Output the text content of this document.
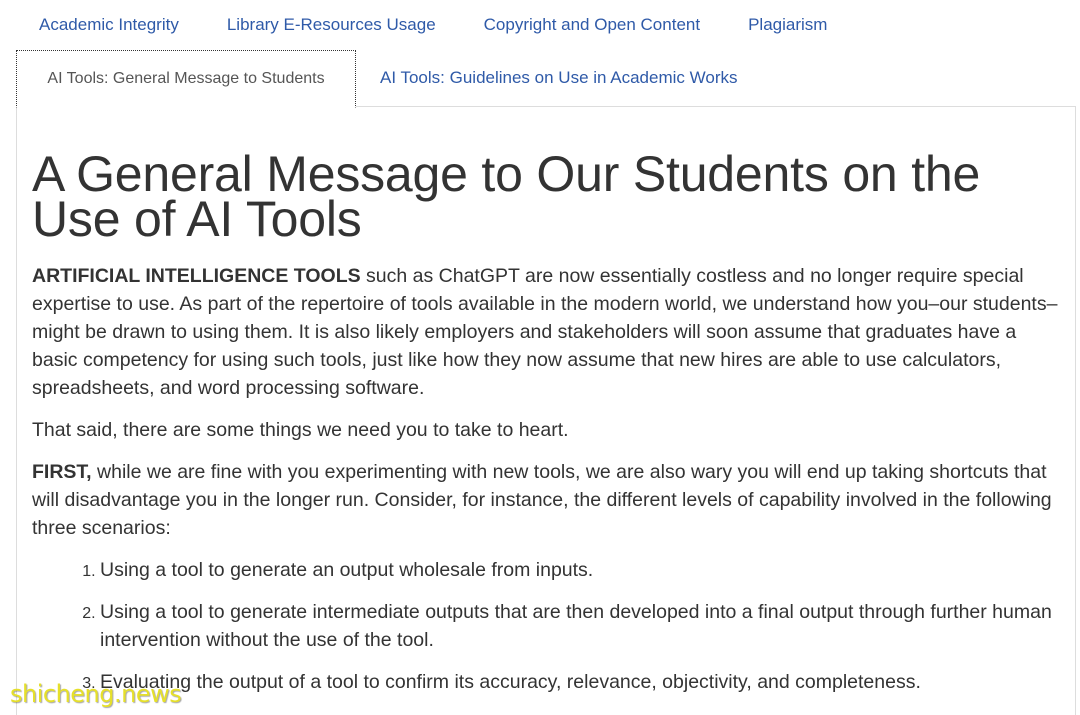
Academic Integrity	Library E-Resources Usage	Copyright and Open Content	Plagiarism
AI Tools: General Message to Students	AI Tools: Guidelines on Use in Academic Works
A General Message to Our Students on the Use of AI Tools

ARTIFICIAL INTELLIGENCE TOOLS such as ChatGPT are now essentially costless and no longer require special expertise to use. As part of the repertoire of tools available in the modern world, we understand how you–our students–might be drawn to using them. It is also likely employers and stakeholders will soon assume that graduates have a basic competency for using such tools, just like how they now assume that new hires are able to use calculators, spreadsheets, and word processing software.

That said, there are some things we need you to take to heart.

FIRST, while we are fine with you experimenting with new tools, we are also wary you will end up taking shortcuts that will disadvantage you in the longer run. Consider, for instance, the different levels of capability involved in the following three scenarios:

1. Using a tool to generate an output wholesale from inputs.
2. Using a tool to generate intermediate outputs that are then developed into a final output through further human intervention without the use of the tool.
3. Evaluating the output of a tool to confirm its accuracy, relevance, objectivity, and completeness.
shicheng.news
